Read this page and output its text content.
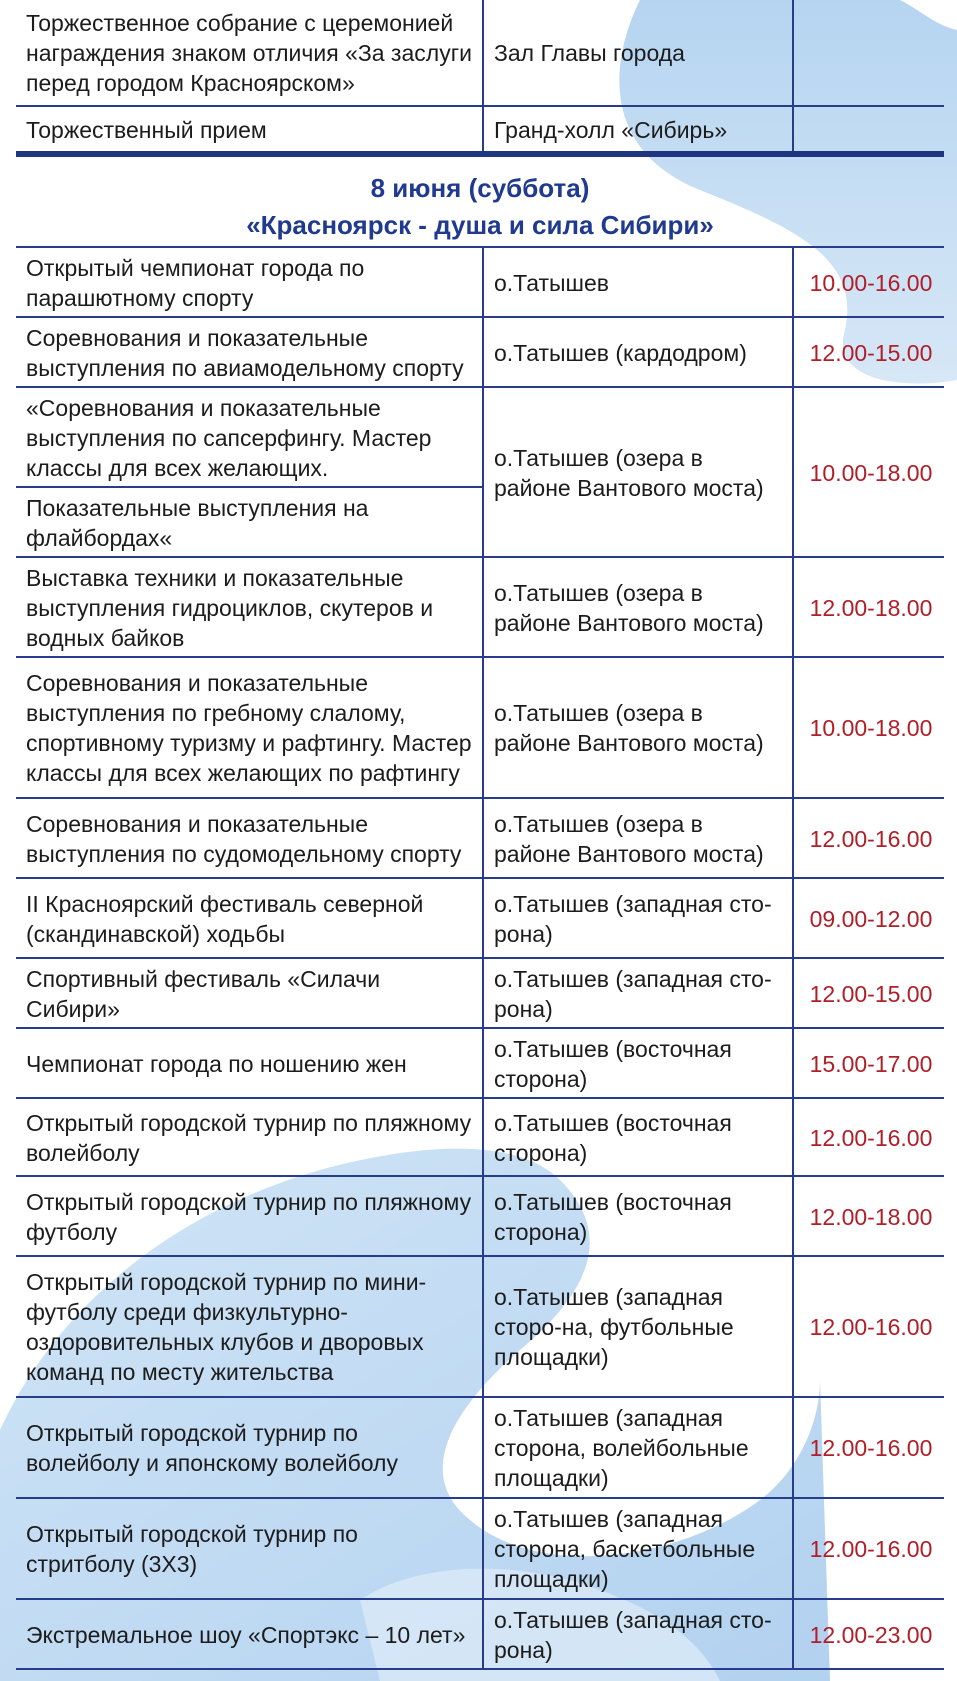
Торжественное собрание с церемонией награждения знаком отличия «За заслуги перед городом Красноярском»	Зал Главы города	
Торжественный прием	Гранд-холл «Сибирь»	
8 июня (суббота)
«Красноярск - душа и сила Сибири»
Открытый чемпионат города по парашютному спорту	о.Татышев	10.00-16.00
Соревнования и показательные выступления по авиамодельному спорту	о.Татышев (кардодром)	12.00-15.00
«Соревнования и показательные выступления по сапсерфингу. Мастер классы для всех желающих.	о.Татышев (озера в районе Вантового моста)	10.00-18.00
Показательные выступления на флайбордах«		
Выставка техники и показательные выступления гидроциклов, скутеров и водных байков	о.Татышев (озера в районе Вантового моста)	12.00-18.00
Соревнования и показательные выступления по гребному слалому, спортивному туризму и рафтингу. Мастер классы для всех желающих по рафтингу	о.Татышев (озера в районе Вантового моста)	10.00-18.00
Соревнования и показательные выступления по судомодельному спорту	о.Татышев (озера в районе Вантового моста)	12.00-16.00
II Красноярский фестиваль северной (скандинавской) ходьбы	о.Татышев (западная сто-рона)	09.00-12.00
Спортивный фестиваль «Силачи Сибири»	о.Татышев (западная сто-рона)	12.00-15.00
Чемпионат города по ношению жен	о.Татышев (восточная сторона)	15.00-17.00
Открытый городской турнир по пляжному волейболу	о.Татышев (восточная сторона)	12.00-16.00
Открытый городской турнир по пляжному футболу	о.Татышев (восточная сторона)	12.00-18.00
Открытый городской турнир по мини-футболу среди физкультурно-оздоровительных клубов и дворовых команд по месту жительства	о.Татышев (западная сторо-на, футбольные площадки)	12.00-16.00
Открытый городской турнир по волейболу и японскому волейболу	о.Татышев (западная сторона, волейбольные площадки)	12.00-16.00
Открытый городской турнир по стритболу (3Х3)	о.Татышев (западная сторона, баскетбольные площадки)	12.00-16.00
Экстремальное шоу «Спортэкс – 10 лет»	о.Татышев (западная сто-рона)	12.00-23.00
